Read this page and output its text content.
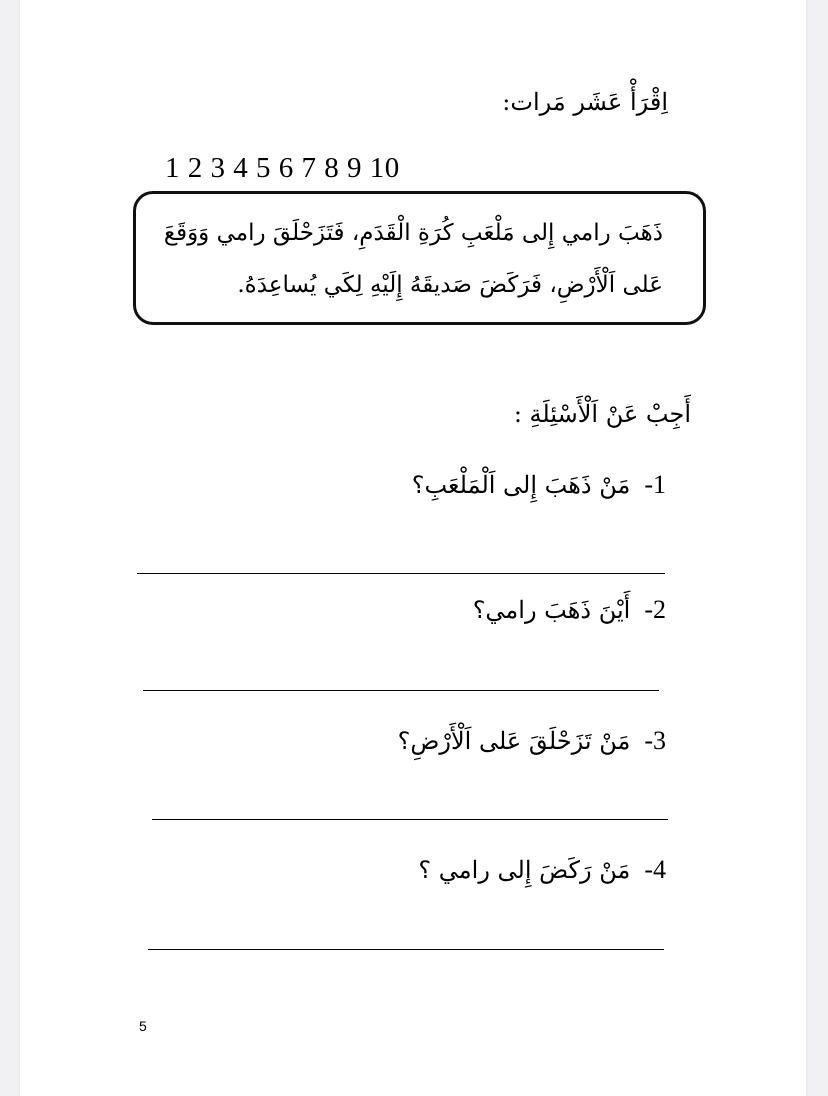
اِقْرَأْ عَشَر مَرات:
1 2 3 4 5 6 7 8 9 10
ذَهَبَ رامي إِلى مَلْعَبِ كُرَةِ الْقَدَمِ، فَتَزَحْلَقَ رامي وَوَقَعَ
عَلى اَلْأَرْضِ، فَرَكَضَ صَديقَهُ إِلَيْهِ لِكَي يُساعِدَهُ.
أَجِبْ عَنْ اَلْأَسْئِلَةِ :
-1
مَنْ ذَهَبَ إِلى اَلْمَلْعَبِ؟
-2
أَيْنَ ذَهَبَ رامي؟
-3
مَنْ تَزَحْلَقَ عَلى اَلْأَرْضِ؟
-4
مَنْ رَكَضَ إِلى رامي ؟
5
